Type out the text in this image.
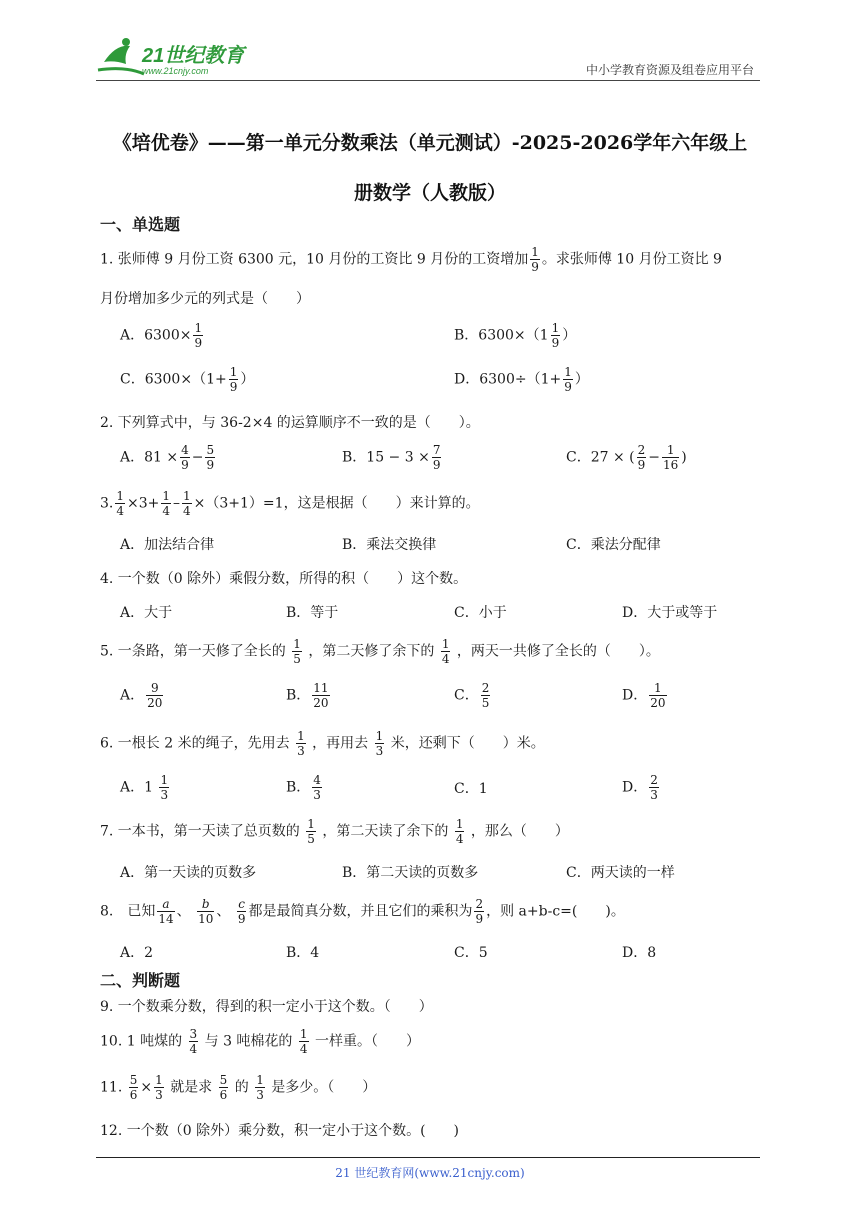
21世纪教育
www.21cnjy.com	中小学教育资源及组卷应用平台
《培优卷》——第一单元分数乘法（单元测试）-2025-2026学年六年级上
册数学（人教版）
一、单选题
1. 张师傅 9 月份工资 6300 元，10 月份的工资比 9 月份的工资增加 $\frac{1}{9}$ 。求张师傅 10 月份工资比 9
月份增加多少元的列式是（　　）
A．$6300\times \frac{1}{9}$	B．$6300\times(1 \frac{1}{9}$ ）
C．$6300\times(1+ \frac{1}{9}$ ）	D．$6300\div(1+ \frac{1}{9}$ ）
2. 下列算式中，与 36-2×4 的运算顺序不一致的是（　　）。
A．$81 \times \frac{4}{9} - \frac{5}{9}$	B．$15 - 3 \times \frac{7}{9}$	C．27 × ( $\frac{2}{9} - \frac{1}{16}$ )
3. $\frac{1}{4} \times 3+ \frac{1}{4} - \frac{1}{4} \times(3+1)=1$，这是根据（　　）来计算的。
A．加法结合律	B．乘法交换律	C．乘法分配律
4. 一个数（0 除外）乘假分数，所得的积（　　）这个数。
A．大于	B．等于	C．小于	D．大于或等于
5. 一条路，第一天修了全长的 $\frac{1}{5}$ ，第二天修了余下的 $\frac{1}{4}$ ，两天一共修了全长的（　　）。
A． $\frac{9}{20}$	B． $\frac{11}{20}$	C． $\frac{2}{5}$	D． $\frac{1}{20}$
6. 一根长 2 米的绳子，先用去 $\frac{1}{3}$ ，再用去 $\frac{1}{3}$ 米，还剩下（　　）米。
A．$1 \frac{1}{3}$	B． $\frac{4}{3}$	C．1	D． $\frac{2}{3}$
7. 一本书，第一天读了总页数的 $\frac{1}{5}$ ，第二天读了余下的 $\frac{1}{4}$ ，那么（　　）
A．第一天读的页数多	B．第二天读的页数多	C．两天读的一样
8.　已知 $\frac{a}{14}$ 、 $\frac{b}{10}$ 、 $\frac{c}{9}$ 都是最简真分数，并且它们的乘积为 $\frac{2}{9}$ ，则 a+b-c=(　　)。
A．2	B．4	C．5	D．8
二、判断题
9. 一个数乘分数，得到的积一定小于这个数。（　　）
10. 1 吨煤的 $\frac{3}{4}$ 与 3 吨棉花的 $\frac{1}{4}$ 一样重。（　　）
11. $\frac{5}{6} \times \frac{1}{3}$ 就是求 $\frac{5}{6}$ 的 $\frac{1}{3}$ 是多少。（　　）
12. 一个数（0 除外）乘分数，积一定小于这个数。(　　)
21 世纪教育网(www.21cnjy.com)
